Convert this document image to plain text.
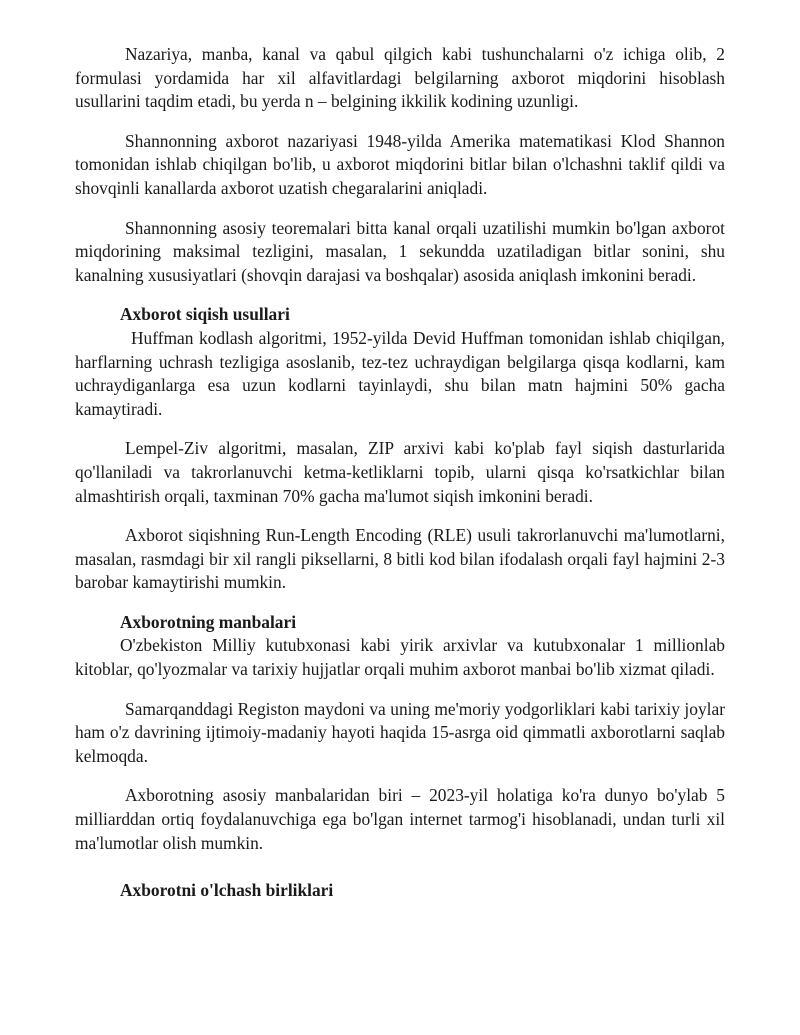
Nazariya, manba, kanal va qabul qilgich kabi tushunchalarni o'z ichiga olib, 2 formulasi yordamida har xil alfavitlardagi belgilarning axborot miqdorini hisoblash usullarini taqdim etadi, bu yerda n – belgining ikkilik kodining uzunligi.

Shannonning axborot nazariyasi 1948-yilda Amerika matematikasi Klod Shannon tomonidan ishlab chiqilgan bo'lib, u axborot miqdorini bitlar bilan o'lchashni taklif qildi va shovqinli kanallarda axborot uzatish chegaralarini aniqladi.

Shannonning asosiy teoremalari bitta kanal orqali uzatilishi mumkin bo'lgan axborot miqdorining maksimal tezligini, masalan, 1 sekundda uzatiladigan bitlar sonini, shu kanalning xususiyatlari (shovqin darajasi va boshqalar) asosida aniqlash imkonini beradi.

Axborot siqish usullari

Huffman kodlash algoritmi, 1952-yilda Devid Huffman tomonidan ishlab chiqilgan, harflarning uchrash tezligiga asoslanib, tez-tez uchraydigan belgilarga qisqa kodlarni, kam uchraydiganlarga esa uzun kodlarni tayinlaydi, shu bilan matn hajmini 50% gacha kamaytiradi.

Lempel-Ziv algoritmi, masalan, ZIP arxivi kabi ko'plab fayl siqish dasturlarida qo'llaniladi va takrorlanuvchi ketma-ketliklarni topib, ularni qisqa ko'rsatkichlar bilan almashtirish orqali, taxminan 70% gacha ma'lumot siqish imkonini beradi.

Axborot siqishning Run-Length Encoding (RLE) usuli takrorlanuvchi ma'lumotlarni, masalan, rasmdagi bir xil rangli piksellarni, 8 bitli kod bilan ifodalash orqali fayl hajmini 2-3 barobar kamaytirishi mumkin.

Axborotning manbalari

O'zbekiston Milliy kutubxonasi kabi yirik arxivlar va kutubxonalar 1 millionlab kitoblar, qo'lyozmalar va tarixiy hujjatlar orqali muhim axborot manbai bo'lib xizmat qiladi.

Samarqanddagi Registon maydoni va uning me'moriy yodgorliklari kabi tarixiy joylar ham o'z davrining ijtimoiy-madaniy hayoti haqida 15-asrga oid qimmatli axborotlarni saqlab kelmoqda.

Axborotning asosiy manbalaridan biri – 2023-yil holatiga ko'ra dunyo bo'ylab 5 milliarddan ortiq foydalanuvchiga ega bo'lgan internet tarmog'i hisoblanadi, undan turli xil ma'lumotlar olish mumkin.

Axborotni o'lchash birliklari
